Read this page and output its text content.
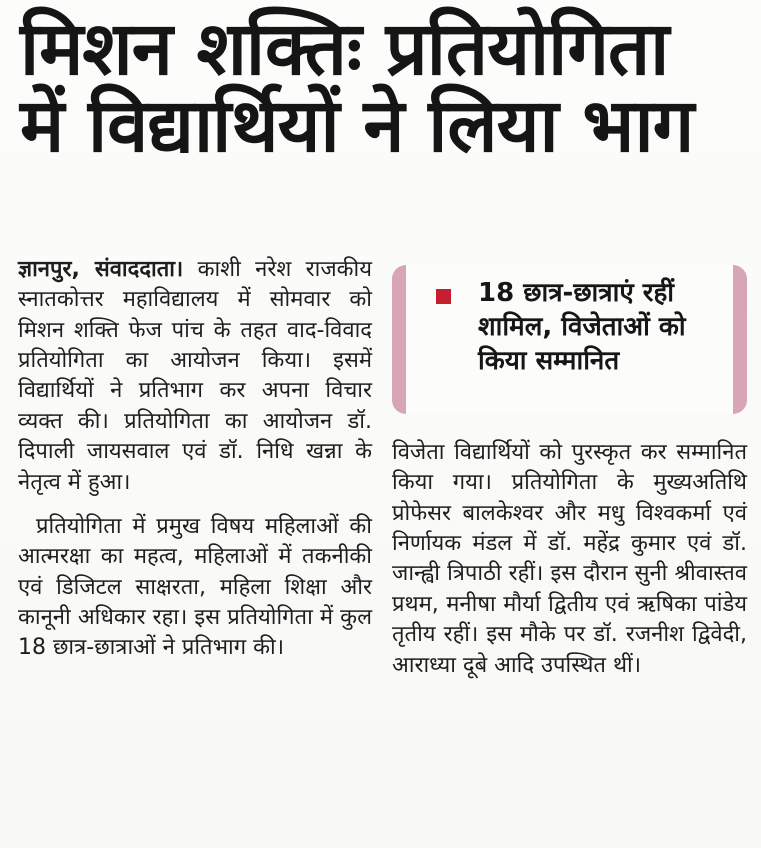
मिशन शक्तिः प्रतियोगिता
में विद्यार्थियों ने लिया भाग

ज्ञानपुर, संवाददाता। काशी नरेश राजकीय स्नातकोत्तर महाविद्यालय में सोमवार को मिशन शक्ति फेज पांच के तहत वाद-विवाद प्रतियोगिता का आयोजन किया। इसमें विद्यार्थियों ने प्रतिभाग कर अपना विचार व्यक्त की। प्रतियोगिता का आयोजन डॉ. दिपाली जायसवाल एवं डॉ. निधि खन्ना के नेतृत्व में हुआ।

प्रतियोगिता में प्रमुख विषय महिलाओं की आत्मरक्षा का महत्व, महिलाओं में तकनीकी एवं डिजिटल साक्षरता, महिला शिक्षा और कानूनी अधिकार रहा। इस प्रतियोगिता में कुल 18 छात्र-छात्राओं ने प्रतिभाग की।

18 छात्र-छात्राएं रहीं शामिल, विजेताओं को किया सम्मानित

विजेता विद्यार्थियों को पुरस्कृत कर सम्मानित किया गया। प्रतियोगिता के मुख्यअतिथि प्रोफेसर बालकेश्वर और मधु विश्वकर्मा एवं निर्णायक मंडल में डॉ. महेंद्र कुमार एवं डॉ. जान्ह्वी त्रिपाठी रहीं। इस दौरान सुनी श्रीवास्तव प्रथम, मनीषा मौर्या द्वितीय एवं ऋषिका पांडेय तृतीय रहीं। इस मौके पर डॉ. रजनीश द्विवेदी, आराध्या दूबे आदि उपस्थित थीं।
